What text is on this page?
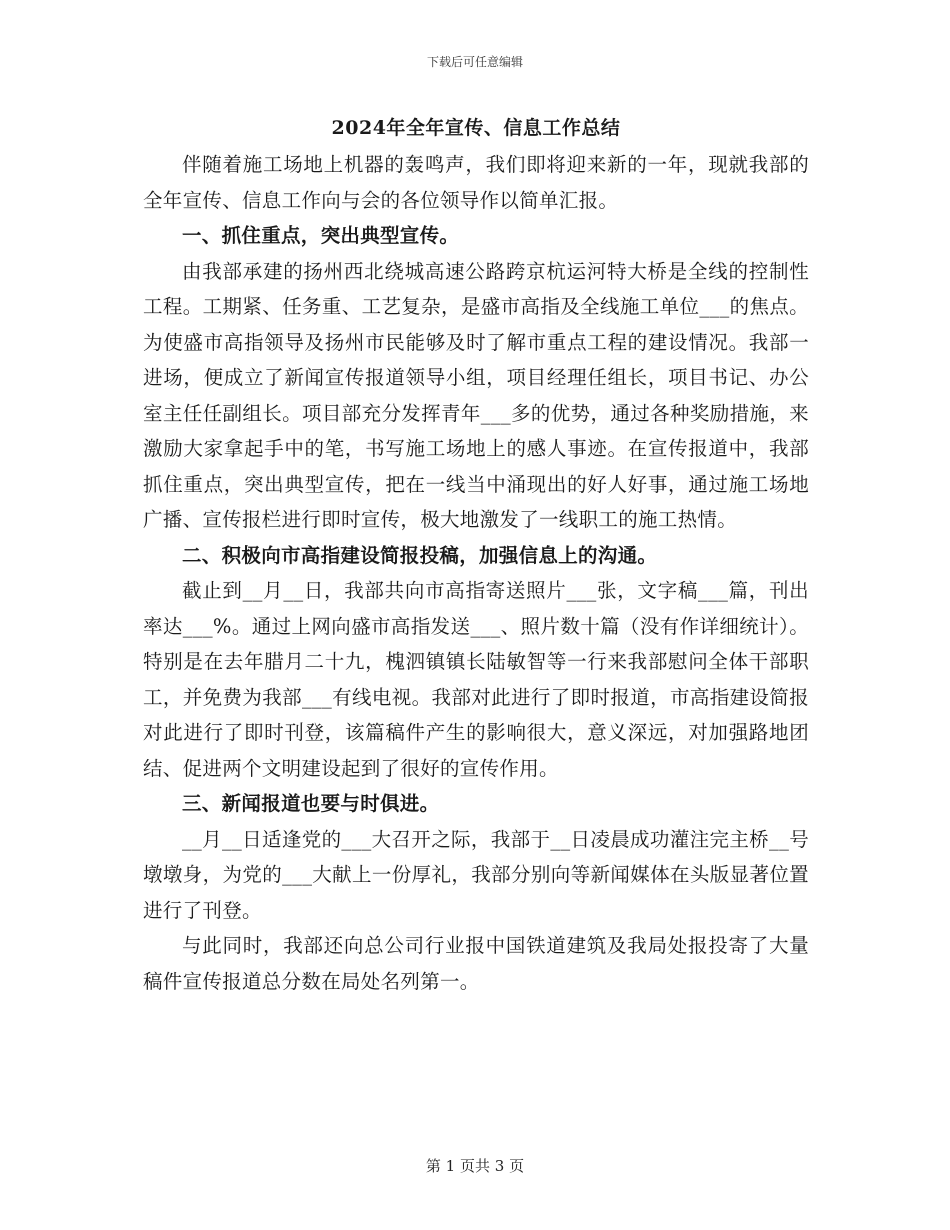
下载后可任意编辑
2024年全年宣传、信息工作总结

伴随着施工场地上机器的轰鸣声，我们即将迎来新的一年，现就我部的全年宣传、信息工作向与会的各位领导作以简单汇报。

一、抓住重点，突出典型宣传。

由我部承建的扬州西北绕城高速公路跨京杭运河特大桥是全线的控制性工程。工期紧、任务重、工艺复杂，是盛市高指及全线施工单位___的焦点。为使盛市高指领导及扬州市民能够及时了解市重点工程的建设情况。我部一进场，便成立了新闻宣传报道领导小组，项目经理任组长，项目书记、办公室主任任副组长。项目部充分发挥青年___多的优势，通过各种奖励措施，来激励大家拿起手中的笔，书写施工场地上的感人事迹。在宣传报道中，我部抓住重点，突出典型宣传，把在一线当中涌现出的好人好事，通过施工场地广播、宣传报栏进行即时宣传，极大地激发了一线职工的施工热情。

二、积极向市高指建设简报投稿，加强信息上的沟通。

截止到__月__日，我部共向市高指寄送照片___张，文字稿___篇，刊出率达___%。通过上网向盛市高指发送___、照片数十篇（没有作详细统计）。特别是在去年腊月二十九，槐泗镇镇长陆敏智等一行来我部慰问全体干部职工，并免费为我部___有线电视。我部对此进行了即时报道，市高指建设简报对此进行了即时刊登，该篇稿件产生的影响很大，意义深远，对加强路地团结、促进两个文明建设起到了很好的宣传作用。

三、新闻报道也要与时俱进。

__月__日适逢党的___大召开之际，我部于__日凌晨成功灌注完主桥__号墩墩身，为党的___大献上一份厚礼，我部分别向等新闻媒体在头版显著位置进行了刊登。

与此同时，我部还向总公司行业报中国铁道建筑及我局处报投寄了大量稿件宣传报道总分数在局处名列第一。

第 1 页共 3 页
